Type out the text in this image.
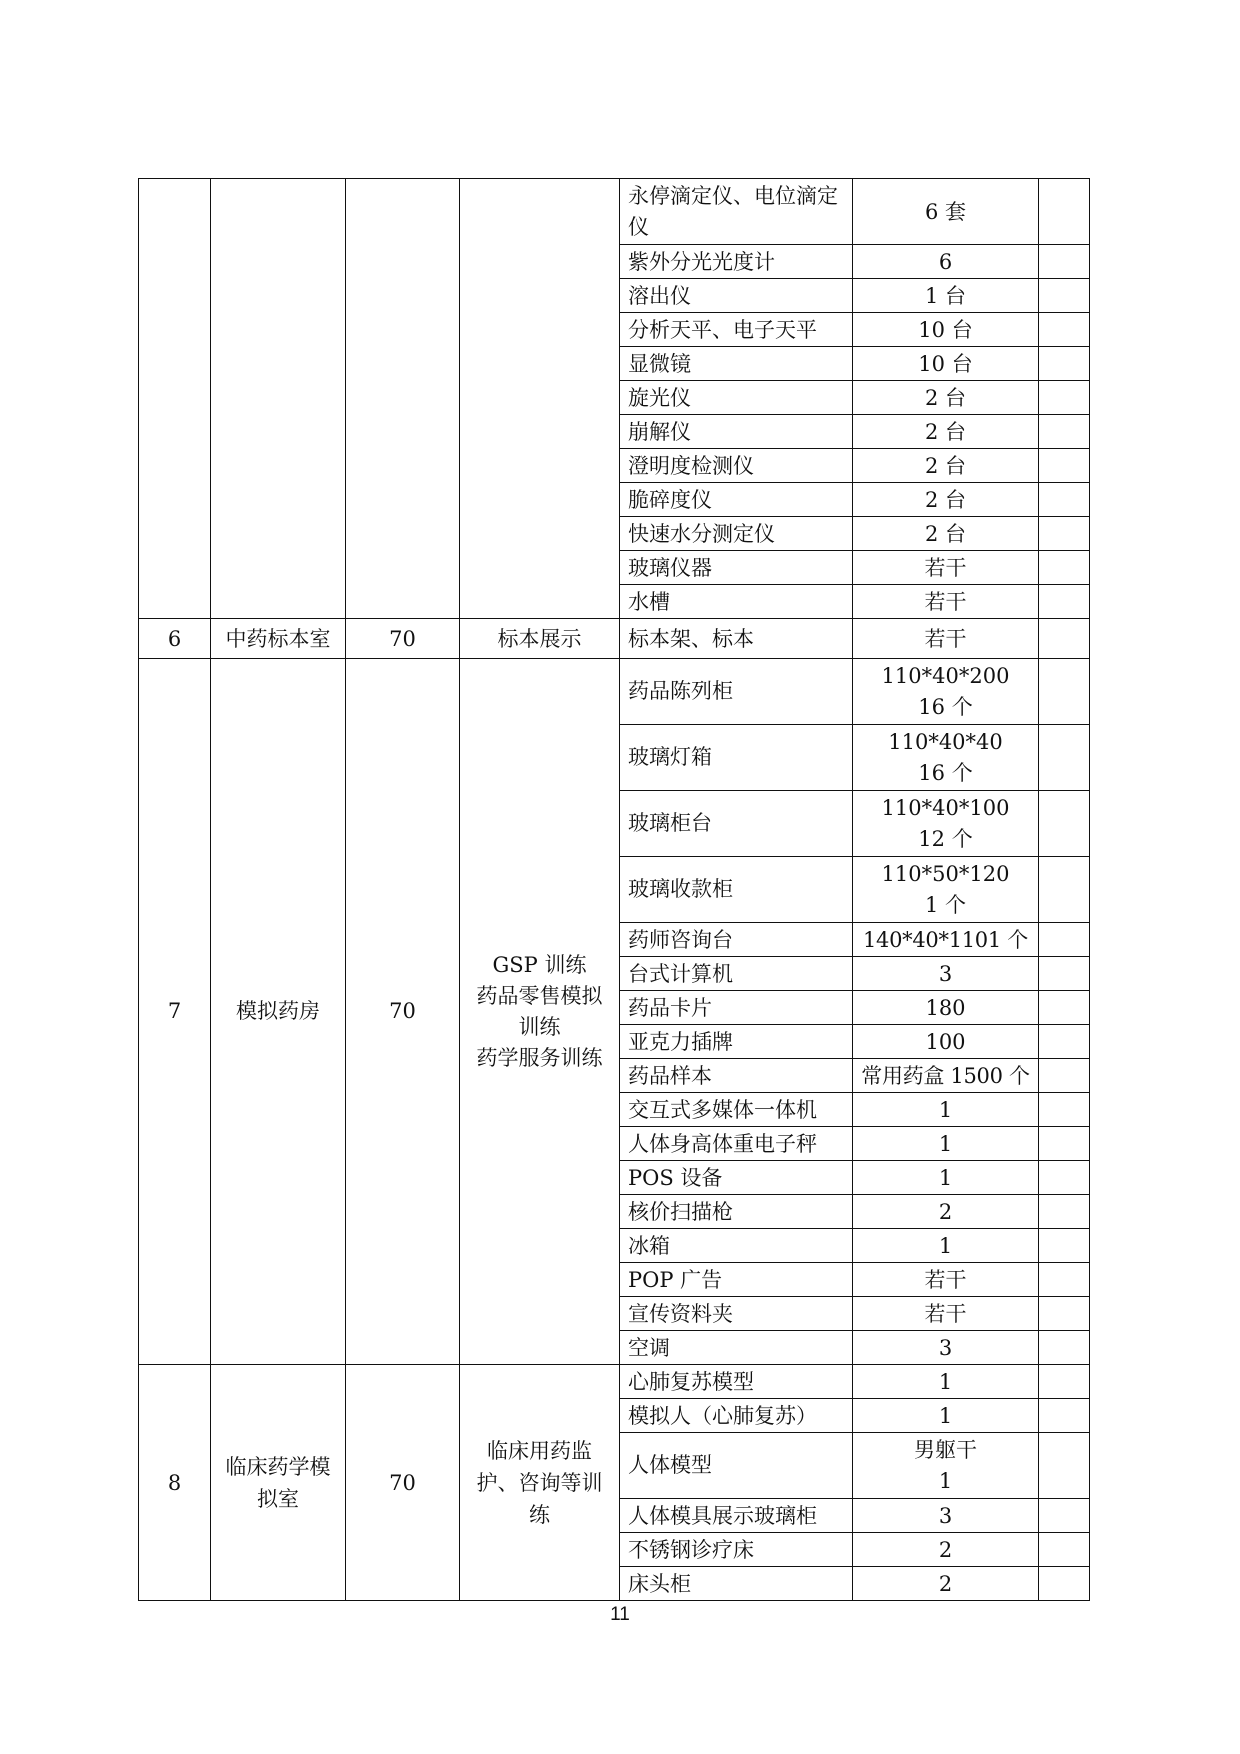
				永停滴定仪、电位滴定仪	6 套	
				紫外分光光度计	6	
				溶出仪	1 台	
				分析天平、电子天平	10 台	
				显微镜	10 台	
				旋光仪	2 台	
				崩解仪	2 台	
				澄明度检测仪	2 台	
				脆碎度仪	2 台	
				快速水分测定仪	2 台	
				玻璃仪器	若干	
				水槽	若干	
6	中药标本室	70	标本展示	标本架、标本	若干	

7	模拟药房	70	GSP 训练
药品零售模拟
训练
药学服务训练	药品陈列柜	110*40*200
16 个	

				玻璃灯箱	110*40*40
16 个	

				玻璃柜台	110*40*100
12 个	

				玻璃收款柜	110*50*120
1 个	

				药师咨询台	140*40*1101 个	

				台式计算机	3	

				药品卡片	180	

				亚克力插牌	100	

				药品样本	常用药盒 1500 个	

				交互式多媒体一体机	1	

				人体身高体重电子秤	1	

				POS 设备	1	

				核价扫描枪	2	

				冰箱	1	

				POP 广告	若干	

				宣传资料夹	若干	

				空调	3	

8	临床药学模
拟室	70	临床用药监
护、咨询等训
练	心肺复苏模型	1	

				模拟人（心肺复苏）	1	

				人体模型	男躯干
1	

				人体模具展示玻璃柜	3	

				不锈钢诊疗床	2	

				床头柜	2	

11
